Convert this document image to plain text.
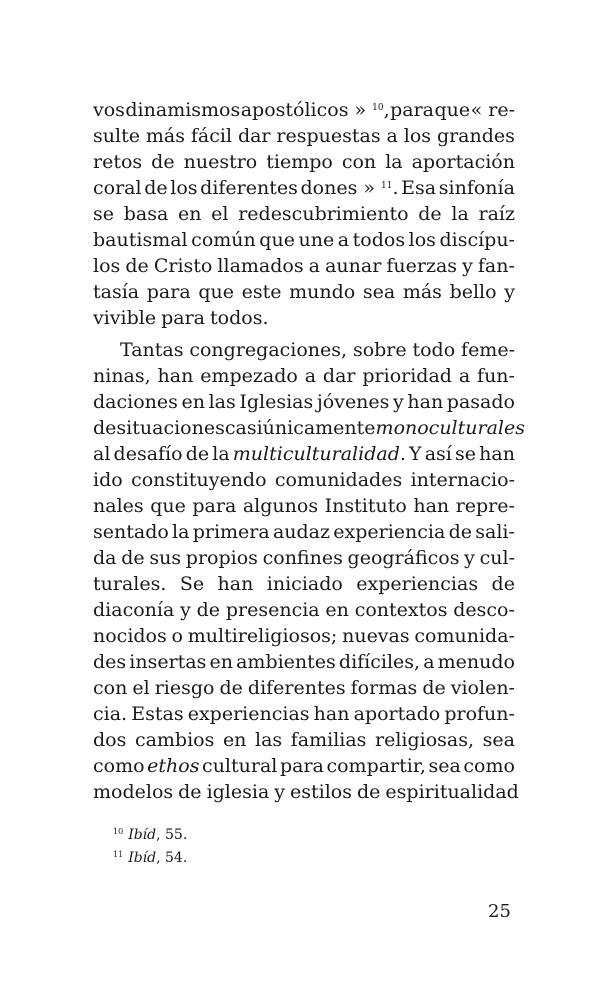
vos dinamismos apostólicos » $^{10}$, para que « re-
sulte más fácil dar respuestas a los grandes
retos de nuestro tiempo con la aportación
coral de los diferentes dones » $^{11}$. Esa sinfonía
se basa en el redescubrimiento de la raíz
bautismal común que une a todos los discípu-
los de Cristo llamados a aunar fuerzas y fan-
tasía para que este mundo sea más bello y
vivible para todos.
Tantas congregaciones, sobre todo feme-
ninas, han empezado a dar prioridad a fun-
daciones en las Iglesias jóvenes y han pasado
de situaciones casi únicamente monoculturales
al desafío de la multiculturalidad. Y así se han
ido constituyendo comunidades internacio-
nales que para algunos Instituto han repre-
sentado la primera audaz experiencia de sali-
da de sus propios confines geográficos y cul-
turales. Se han iniciado experiencias de
diaconía y de presencia en contextos desco-
nocidos o multireligiosos; nuevas comunida-
des insertas en ambientes difíciles, a menudo
con el riesgo de diferentes formas de violen-
cia. Estas experiencias han aportado profun-
dos cambios en las familias religiosas, sea
como ethos cultural para compartir, sea como
modelos de iglesia y estilos de espiritualidad
$^{10}$ Ibíd, 55.
$^{11}$ Ibíd, 54.
25
